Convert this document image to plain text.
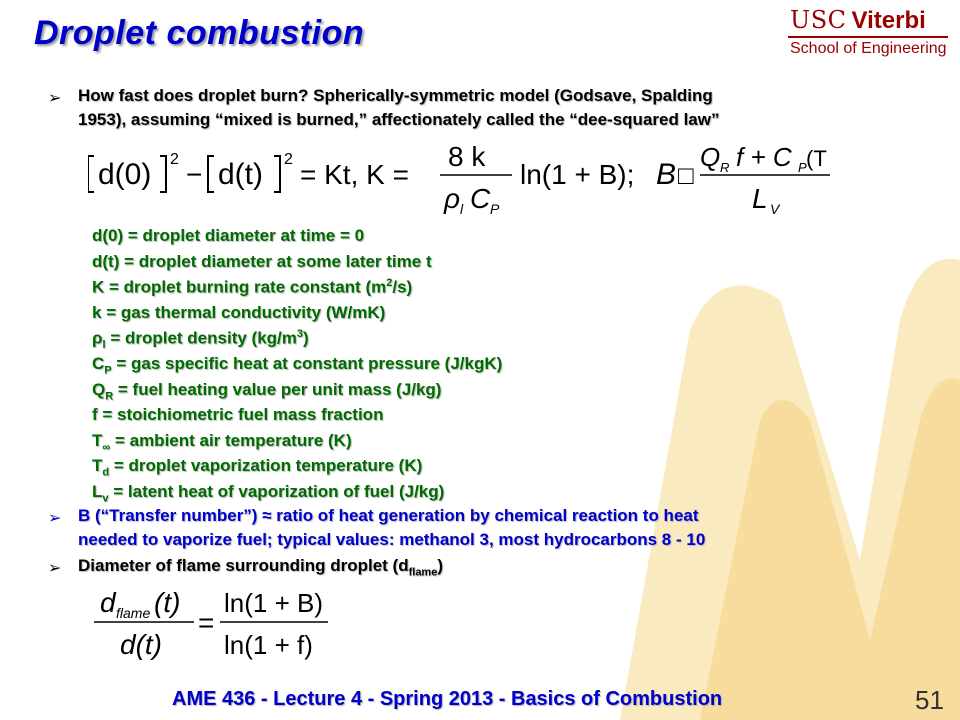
Droplet combustion	USC Viterbi
School of Engineering
➢ How fast does droplet burn? Spherically-symmetric model (Godsave, Spalding
1953), assuming “mixed is burned,” affectionately called the “dee-squared law”
d(0) 2 − d(t) 2 = Kt, K =
8 k
ρ l C P
ln(1 + B); B □
Q R f + C P (T
L V
d(0) = droplet diameter at time = 0
d(t) = droplet diameter at some later time t
K = droplet burning rate constant $(m^2/s)$
k = gas thermal conductivity (W/mK)
$\rho_l$ = droplet density $(kg/m^3)$
$C_P$ = gas specific heat at constant pressure (J/kgK)
$Q_R$ = fuel heating value per unit mass (J/kg)
f = stoichiometric fuel mass fraction
$T_\infty$ = ambient air temperature (K)
$T_d$ = droplet vaporization temperature (K)
$L_v$ = latent heat of vaporization of fuel (J/kg)
➢ B (“Transfer number”) ≈ ratio of heat generation by chemical reaction to heat
needed to vaporize fuel; typical values: methanol 3, most hydrocarbons 8 - 10
➢ Diameter of flame surrounding droplet $(d_{flame})$
d flame (t)
d(t)
=
ln(1 + B)
ln(1 + f)
AME 436 - Lecture 4 - Spring 2013 - Basics of Combustion	51
